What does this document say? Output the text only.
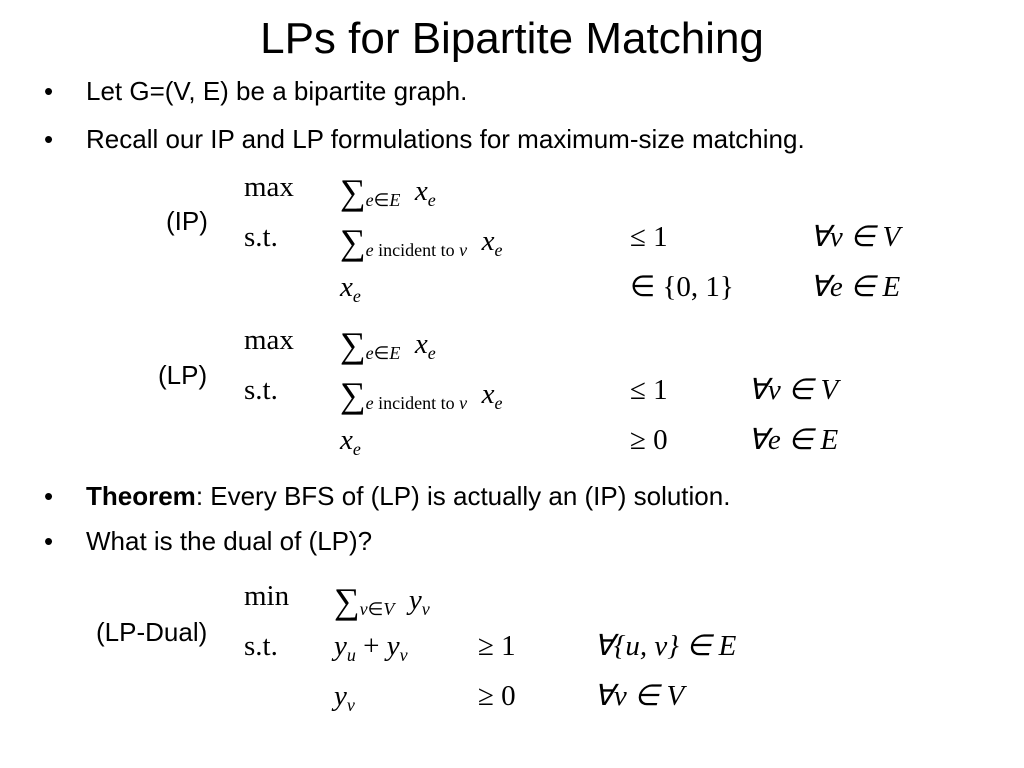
LPs for Bipartite Matching
• Let G=(V, E) be a bipartite graph.
• Recall our IP and LP formulations for maximum-size matching.
(IP)
$\max \sum_{e\in E}$ $x_e$
s.t. $\sum_{e incident to v}$ $x_e$	≤ 1	∀v ∈ V
$x_e$	∈ {0, 1}	∀e ∈ E
(LP)
$\max \sum_{e\in E}$ $x_e$
s.t. $\sum_{e incident to v}$ $x_e$	≤ 1	∀v ∈ V
$x_e$	≥ 0	∀e ∈ E
• Theorem: Every BFS of (LP) is actually an (IP) solution.
• What is the dual of (LP)?
(LP-Dual)
$\min \sum_{v\in V}$ $y_v$
s.t. $y_u + y_v \ge 1$	∀{u, v} ∈ E
$y_v$	≥ 0	∀v ∈ V
